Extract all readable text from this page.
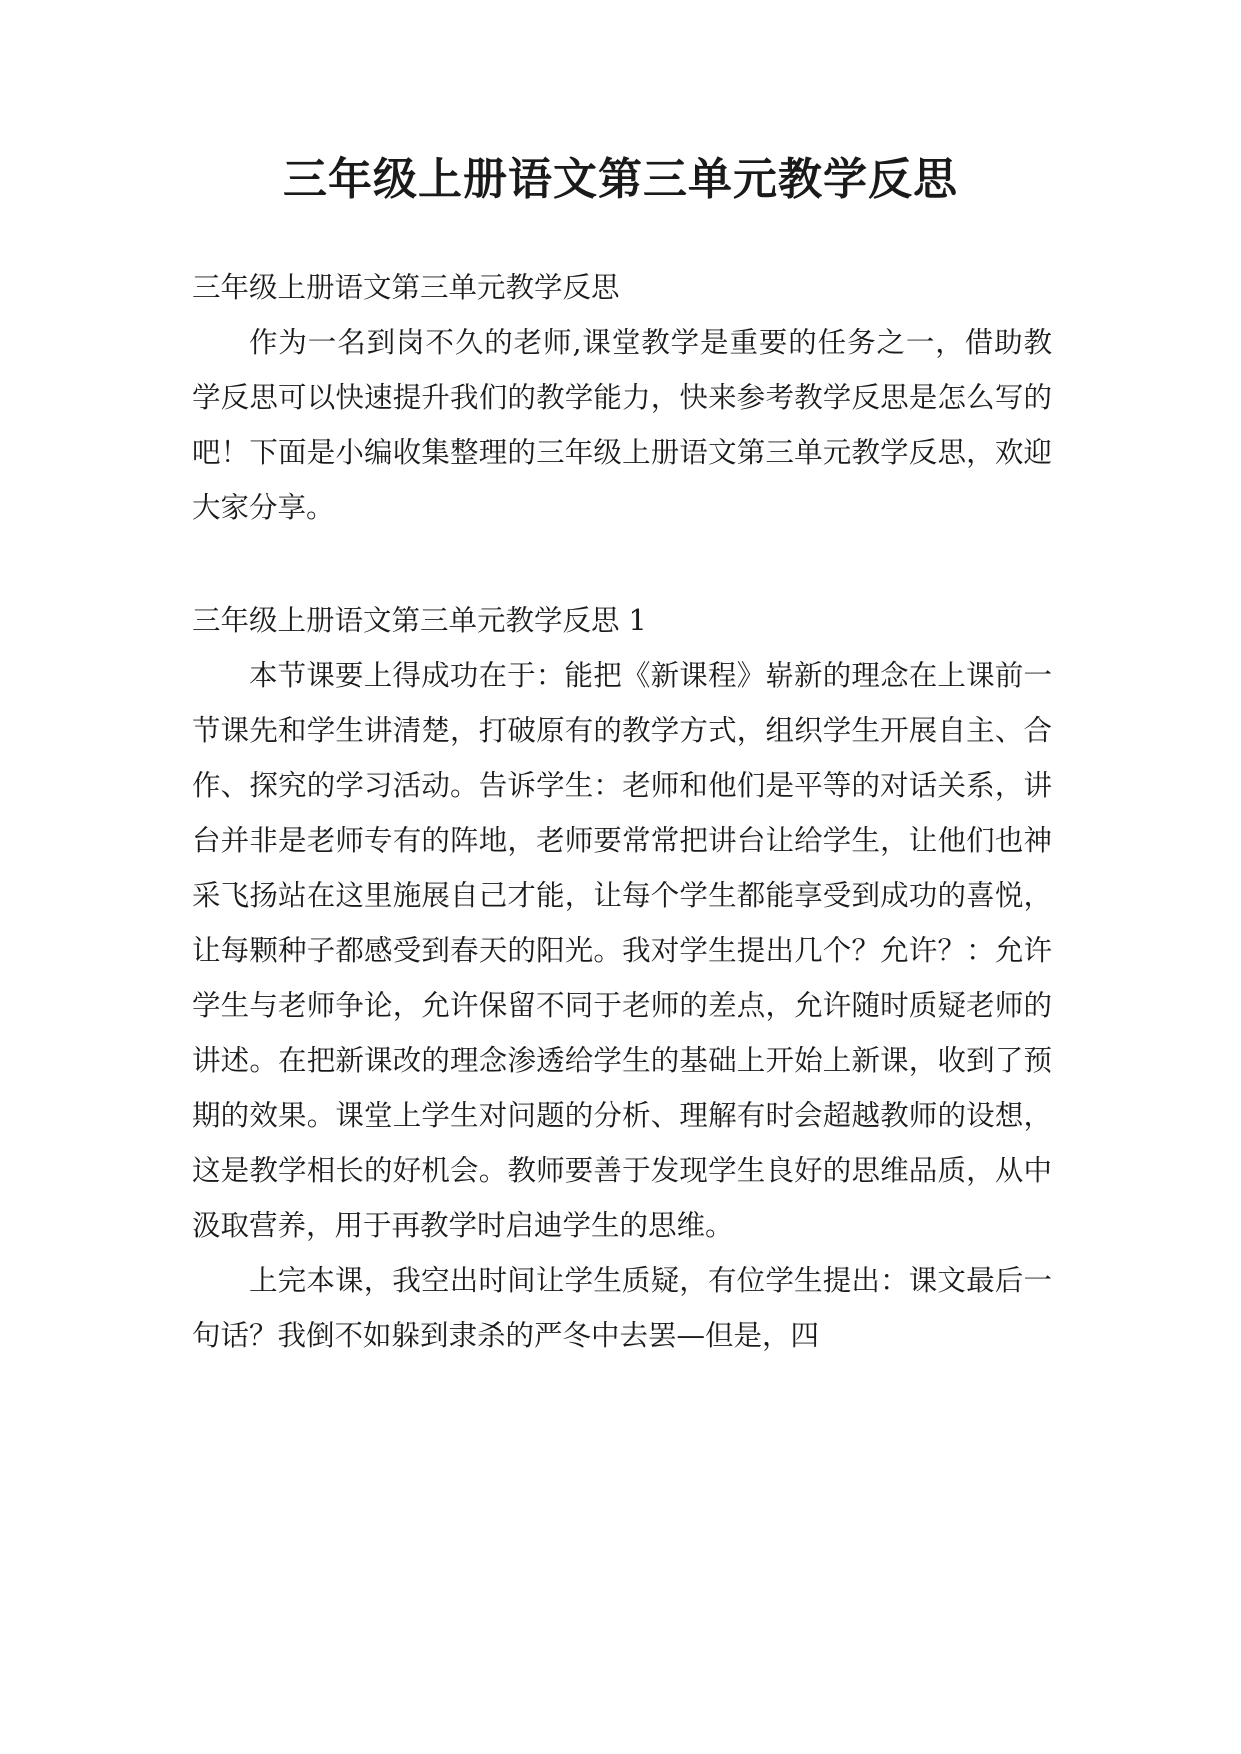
三年级上册语文第三单元教学反思

三年级上册语文第三单元教学反思

作为一名到岗不久的老师,课堂教学是重要的任务之一，借助教学反思可以快速提升我们的教学能力，快来参考教学反思是怎么写的吧！下面是小编收集整理的三年级上册语文第三单元教学反思，欢迎大家分享。

三年级上册语文第三单元教学反思 1

本节课要上得成功在于：能把《新课程》崭新的理念在上课前一节课先和学生讲清楚，打破原有的教学方式，组织学生开展自主、合作、探究的学习活动。告诉学生：老师和他们是平等的对话关系，讲台并非是老师专有的阵地，老师要常常把讲台让给学生，让他们也神采飞扬站在这里施展自己才能，让每个学生都能享受到成功的喜悦，让每颗种子都感受到春天的阳光。我对学生提出几个？允许？：允许学生与老师争论，允许保留不同于老师的差点，允许随时质疑老师的讲述。在把新课改的理念渗透给学生的基础上开始上新课，收到了预期的效果。课堂上学生对问题的分析、理解有时会超越教师的设想，这是教学相长的好机会。教师要善于发现学生良好的思维品质，从中汲取营养，用于再教学时启迪学生的思维。

上完本课，我空出时间让学生质疑，有位学生提出：课文最后一句话？我倒不如躲到隶杀的严冬中去罢—但是，四
